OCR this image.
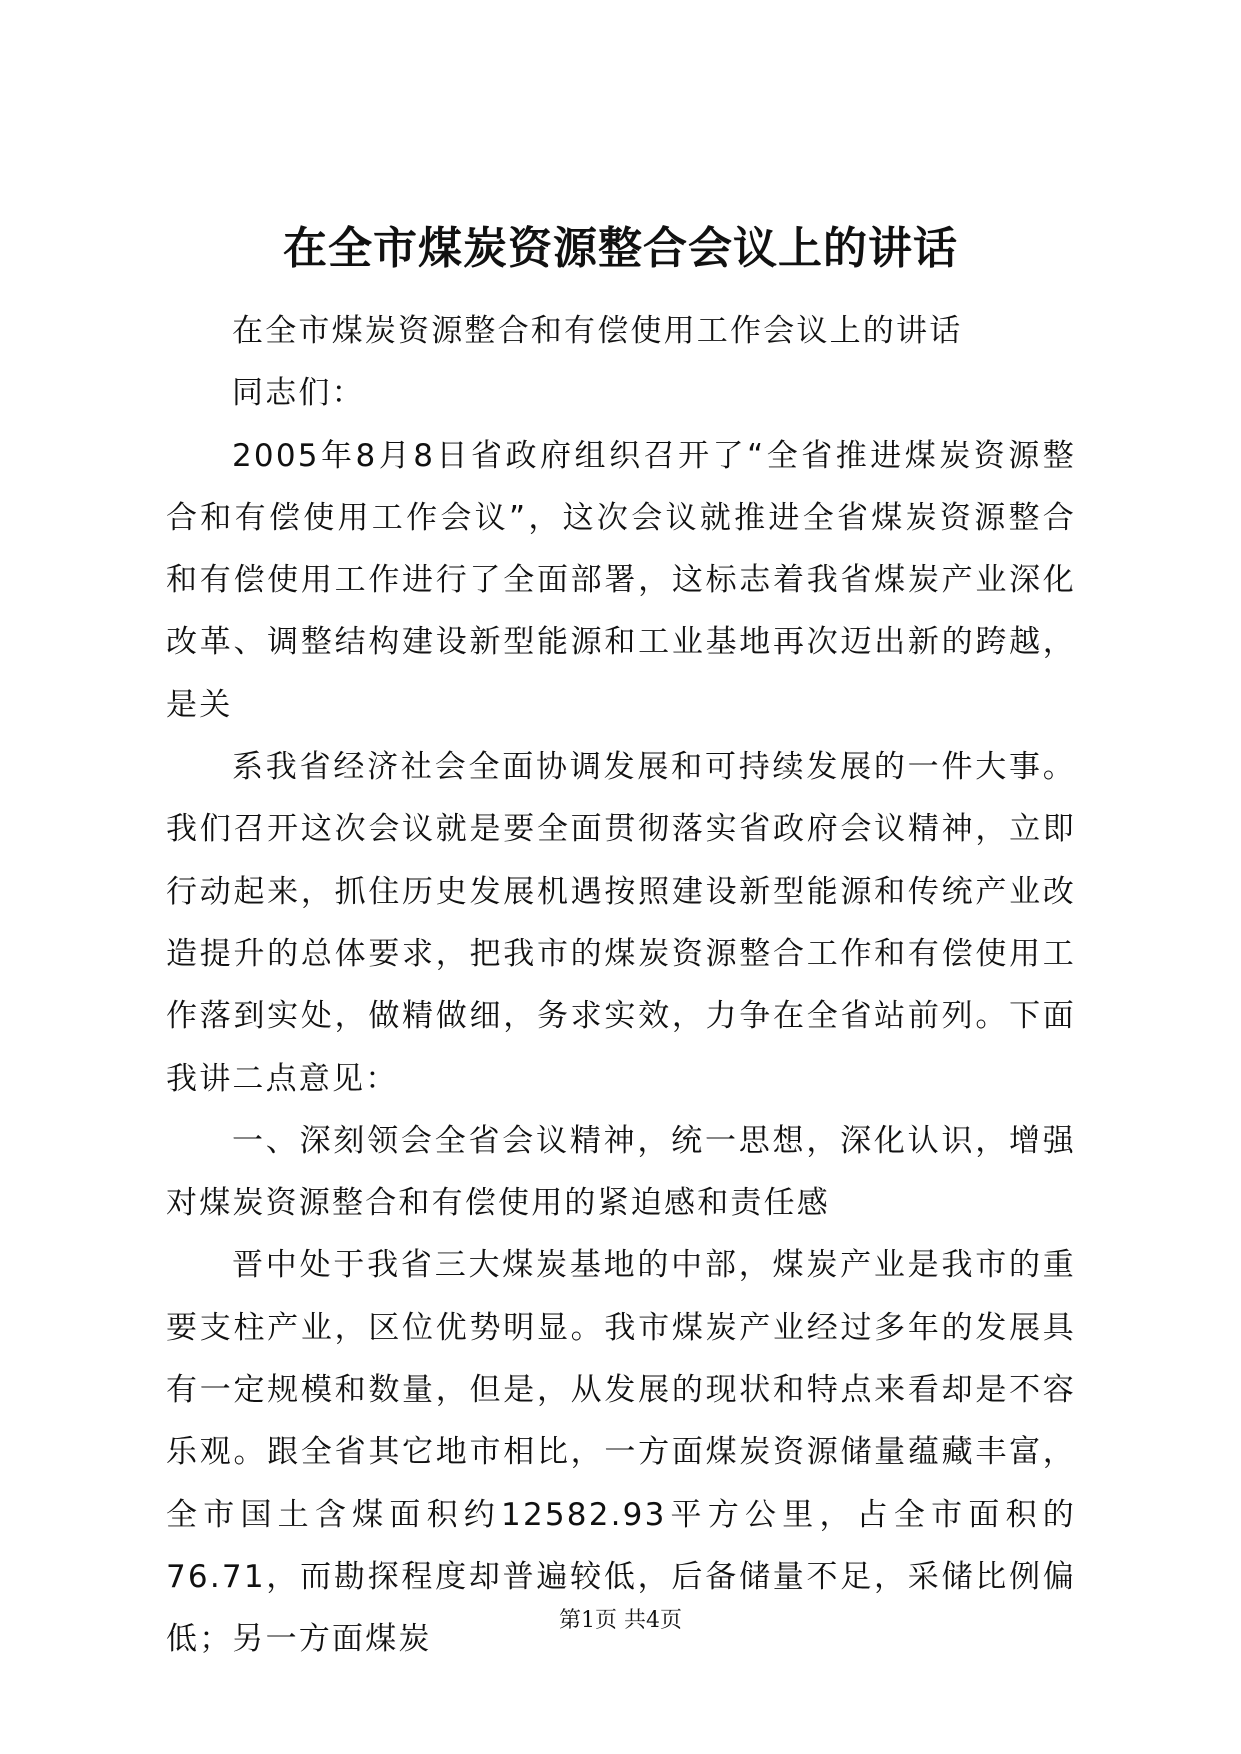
在全市煤炭资源整合会议上的讲话

在全市煤炭资源整合和有偿使用工作会议上的讲话

同志们：

2005年8月8日省政府组织召开了“全省推进煤炭资源整合和有偿使用工作会议”，这次会议就推进全省煤炭资源整合和有偿使用工作进行了全面部署，这标志着我省煤炭产业深化改革、调整结构建设新型能源和工业基地再次迈出新的跨越，是关

系我省经济社会全面协调发展和可持续发展的一件大事。我们召开这次会议就是要全面贯彻落实省政府会议精神，立即行动起来，抓住历史发展机遇按照建设新型能源和传统产业改造提升的总体要求，把我市的煤炭资源整合工作和有偿使用工作落到实处，做精做细，务求实效，力争在全省站前列。下面我讲二点意见：

一、深刻领会全省会议精神，统一思想，深化认识，增强对煤炭资源整合和有偿使用的紧迫感和责任感

晋中处于我省三大煤炭基地的中部，煤炭产业是我市的重要支柱产业，区位优势明显。我市煤炭产业经过多年的发展具有一定规模和数量，但是，从发展的现状和特点来看却是不容乐观。跟全省其它地市相比，一方面煤炭资源储量蕴藏丰富，全市国土含煤面积约12582.93平方公里，占全市面积的76.71，而勘探程度却普遍较低，后备储量不足，采储比例偏低；另一方面煤炭

第1页 共4页
